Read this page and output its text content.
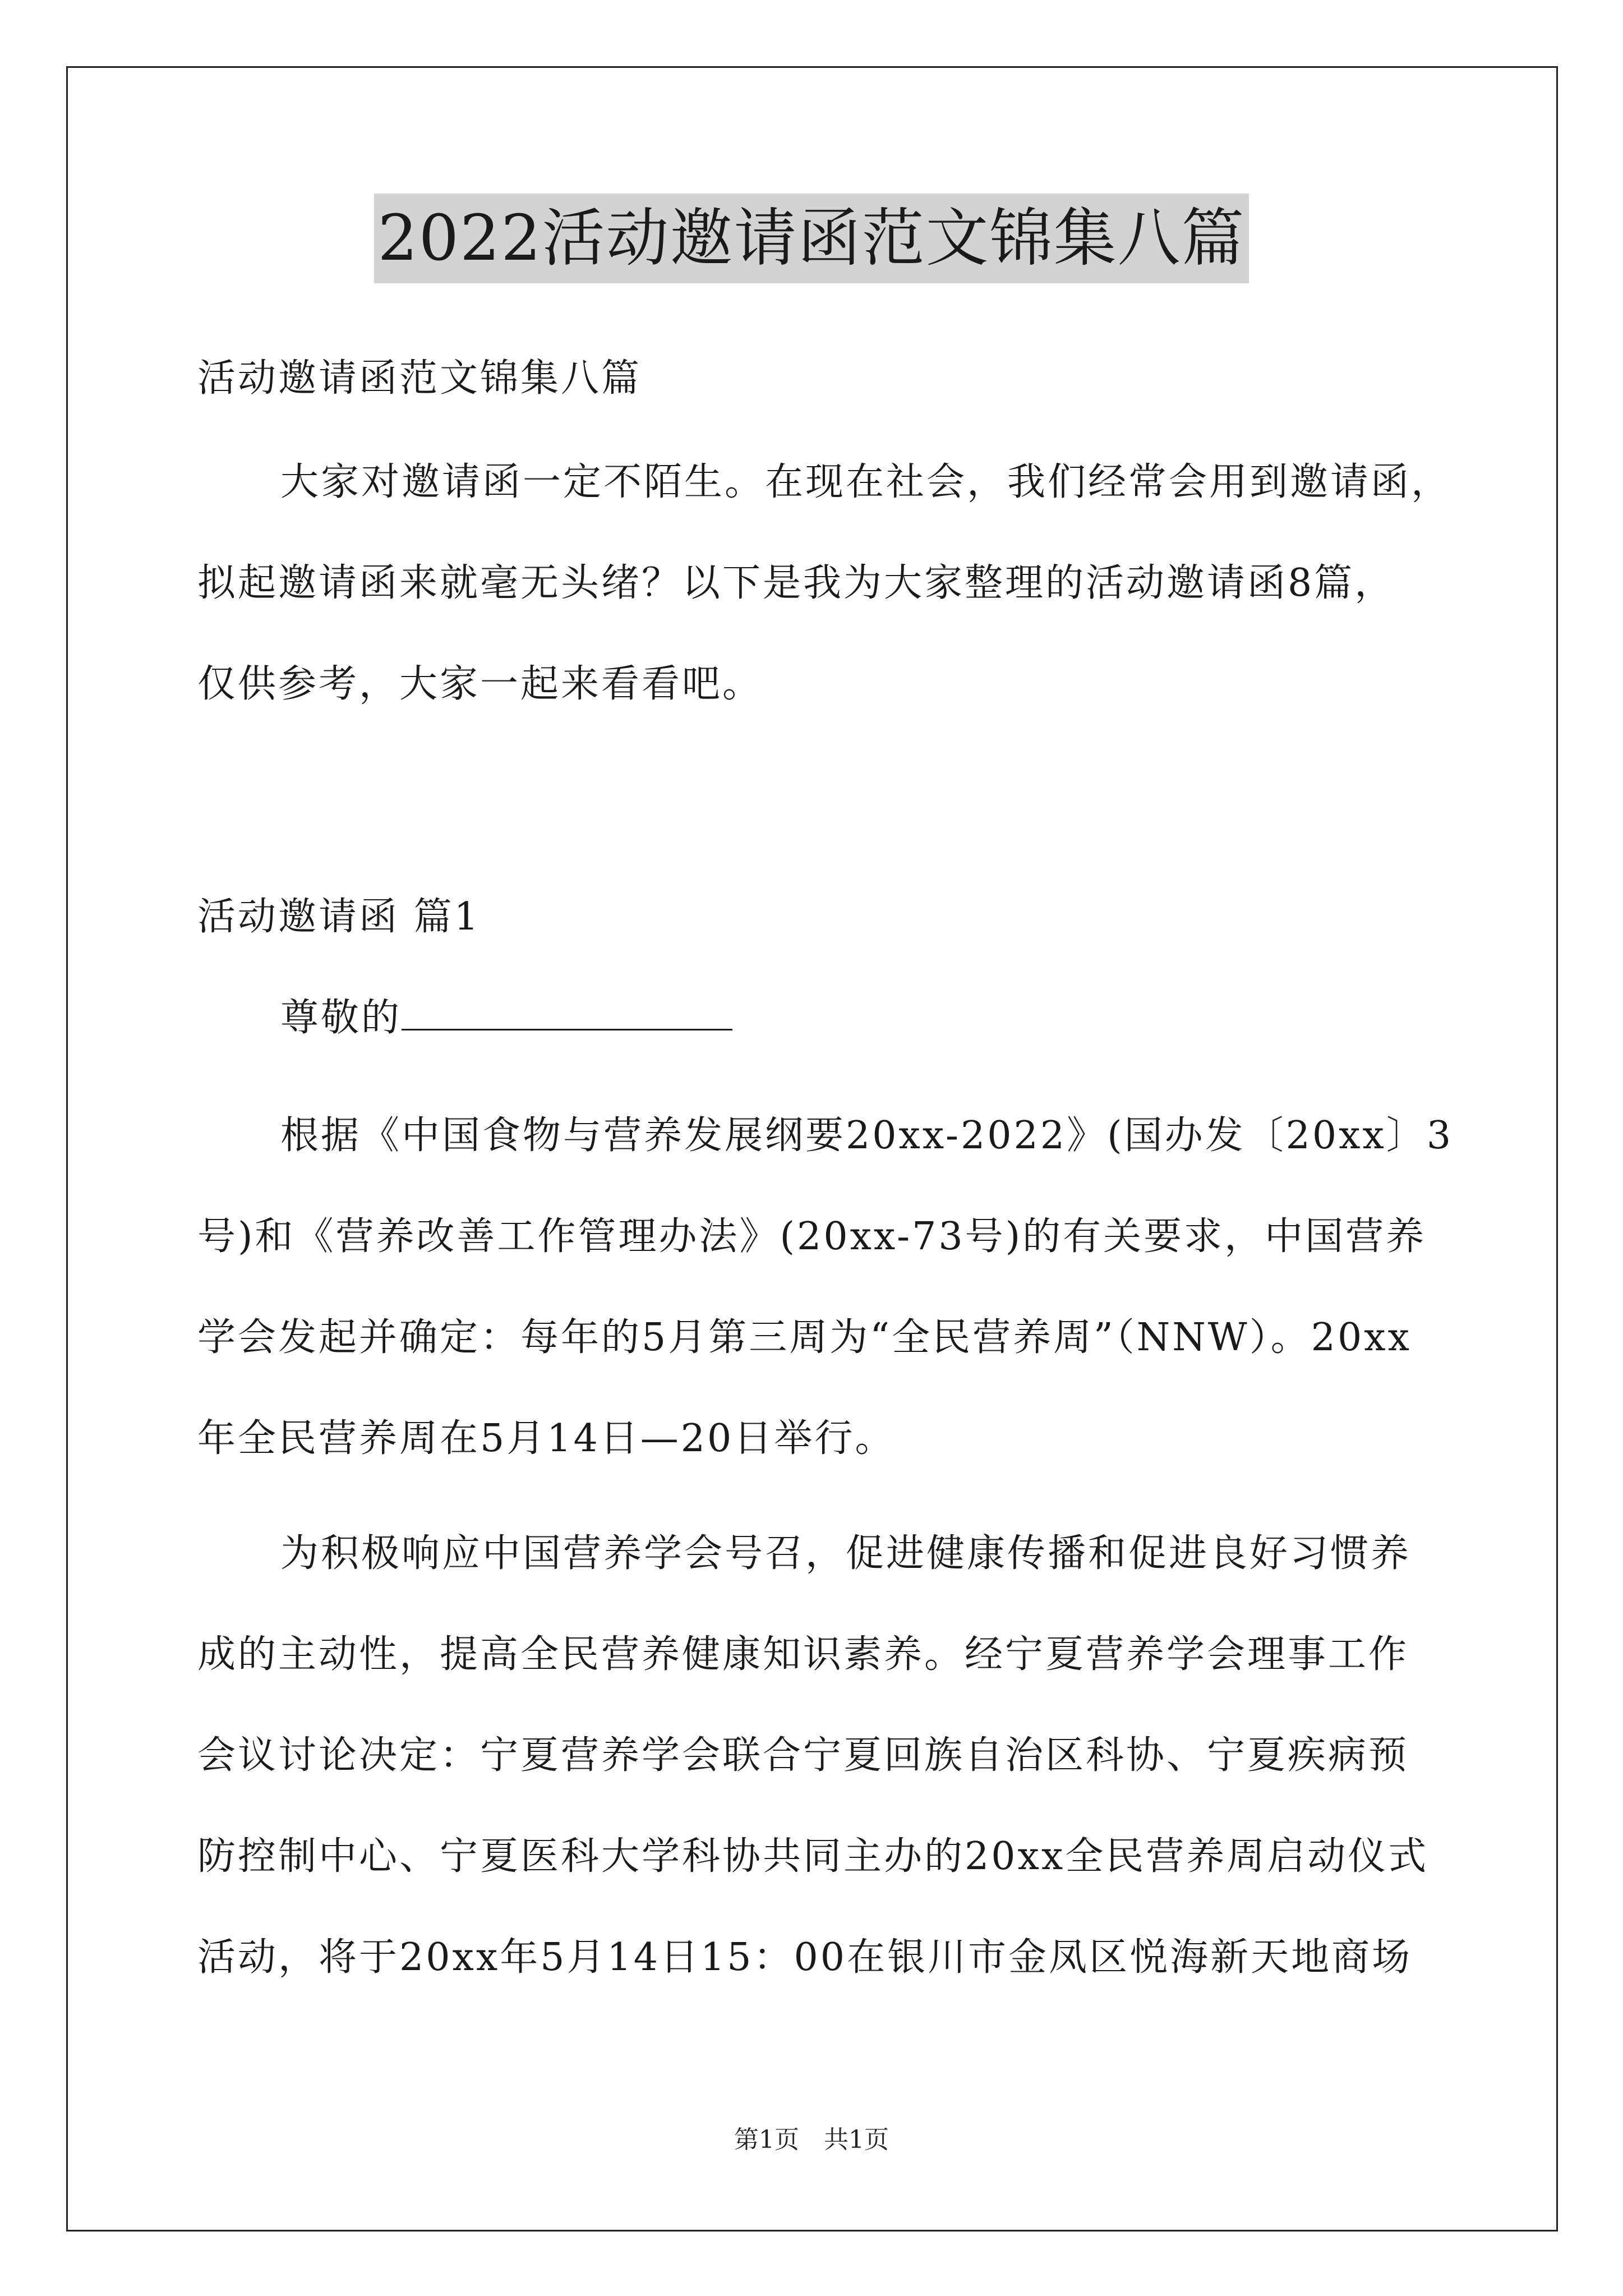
2022活动邀请函范文锦集八篇
活动邀请函范文锦集八篇
大家对邀请函一定不陌生。在现在社会，我们经常会用到邀请函，
拟起邀请函来就毫无头绪？以下是我为大家整理的活动邀请函8篇，
仅供参考，大家一起来看看吧。
活动邀请函 篇1
尊敬的
根据《中国食物与营养发展纲要20xx-2022》(国办发〔20xx〕3
号)和《营养改善工作管理办法》(20xx-73号)的有关要求，中国营养
学会发起并确定：每年的5月第三周为“全民营养周”（NNW）。20xx
年全民营养周在5月14日—20日举行。
为积极响应中国营养学会号召，促进健康传播和促进良好习惯养
成的主动性，提高全民营养健康知识素养。经宁夏营养学会理事工作
会议讨论决定：宁夏营养学会联合宁夏回族自治区科协、宁夏疾病预
防控制中心、宁夏医科大学科协共同主办的20xx全民营养周启动仪式
活动，将于20xx年5月14日15：00在银川市金凤区悦海新天地商场
第1页　共1页
